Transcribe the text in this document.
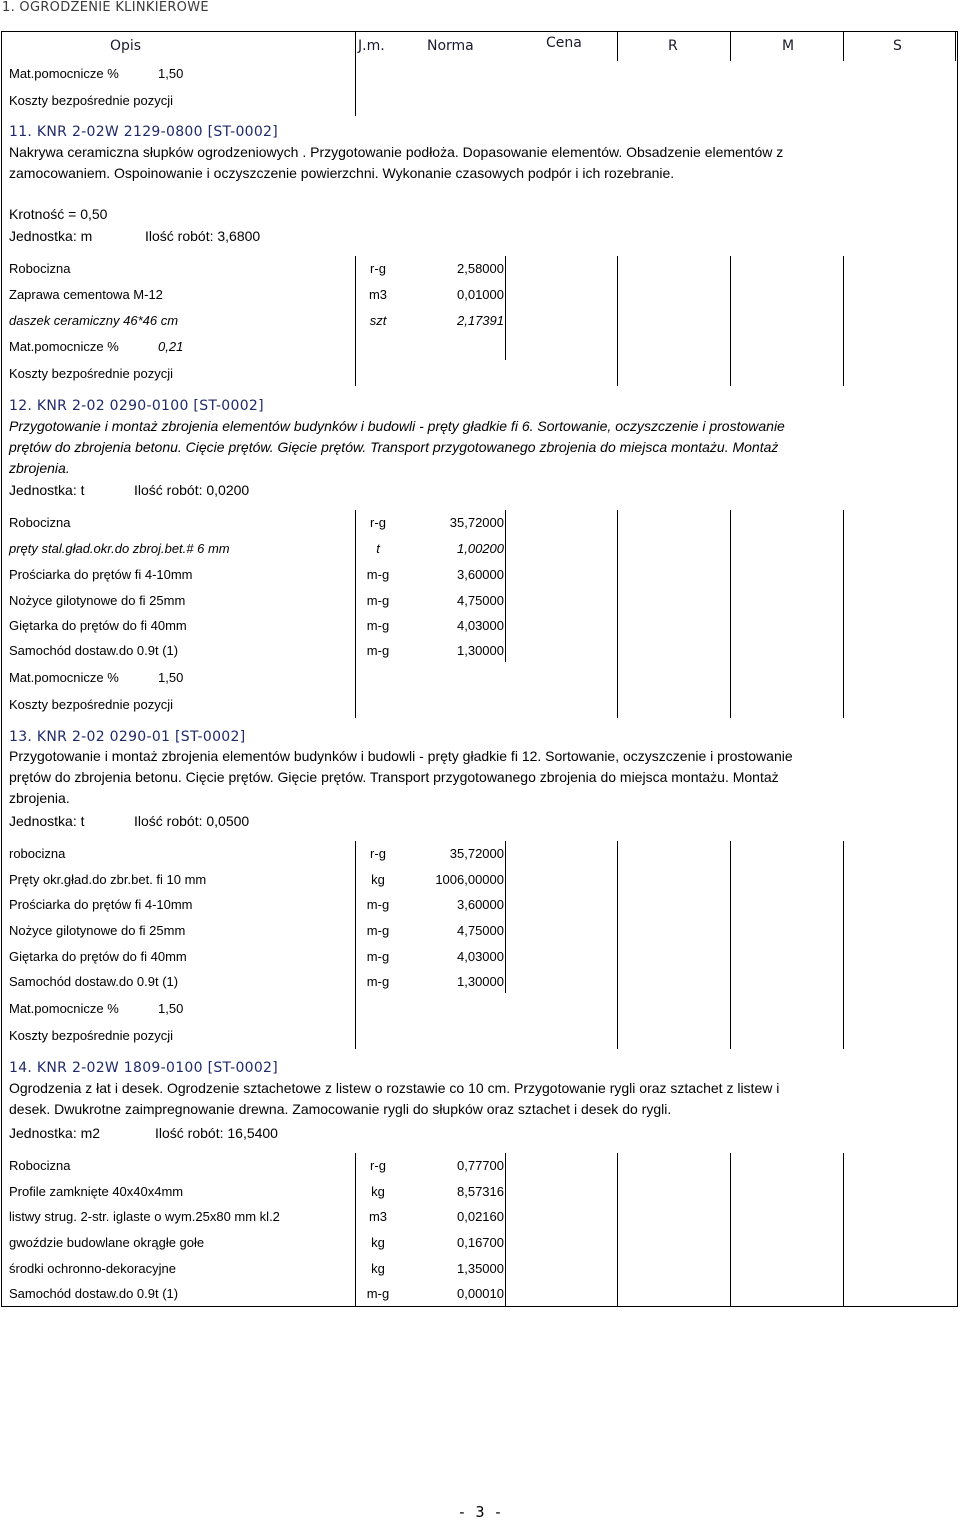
1. OGRODZENIE KLINKIEROWE
Opis	J.m.	Norma	Cena	R	M	S
Mat.pomocnicze %	1,50
Koszty bezpośrednie pozycji
11. KNR 2-02W 2129-0800 [ST-0002]
Nakrywa ceramiczna słupków ogrodzeniowych . Przygotowanie podłoża. Dopasowanie elementów. Obsadzenie elementów z zamocowaniem. Ospoinowanie i oczyszczenie powierzchni. Wykonanie czasowych podpór i ich rozebranie.
Krotność = 0,50
Jednostka: m	Ilość robót: 3,6800
Robocizna	r-g	2,58000
Zaprawa cementowa M-12	m3	0,01000
daszek ceramiczny 46*46 cm	szt	2,17391
Mat.pomocnicze %	0,21
Koszty bezpośrednie pozycji
12. KNR 2-02 0290-0100 [ST-0002]
Przygotowanie i montaż zbrojenia elementów budynków i budowli - pręty gładkie fi 6. Sortowanie, oczyszczenie i prostowanie prętów do zbrojenia betonu. Cięcie prętów. Gięcie prętów. Transport przygotowanego zbrojenia do miejsca montażu. Montaż zbrojenia.
Jednostka: t	Ilość robót: 0,0200
Robocizna	r-g	35,72000
pręty stal.gład.okr.do zbroj.bet.# 6 mm	t	1,00200
Prościarka do prętów fi 4-10mm	m-g	3,60000
Nożyce gilotynowe do fi 25mm	m-g	4,75000
Giętarka do prętów do fi 40mm	m-g	4,03000
Samochód dostaw.do 0.9t (1)	m-g	1,30000
Mat.pomocnicze %	1,50
Koszty bezpośrednie pozycji
13. KNR 2-02 0290-01 [ST-0002]
Przygotowanie i montaż zbrojenia elementów budynków i budowli - pręty gładkie fi 12. Sortowanie, oczyszczenie i prostowanie prętów do zbrojenia betonu. Cięcie prętów. Gięcie prętów. Transport przygotowanego zbrojenia do miejsca montażu. Montaż zbrojenia.
Jednostka: t	Ilość robót: 0,0500
robocizna	r-g	35,72000
Pręty okr.gład.do zbr.bet. fi 10 mm	kg	1006,00000
Prościarka do prętów fi 4-10mm	m-g	3,60000
Nożyce gilotynowe do fi 25mm	m-g	4,75000
Giętarka do prętów do fi 40mm	m-g	4,03000
Samochód dostaw.do 0.9t (1)	m-g	1,30000
Mat.pomocnicze %	1,50
Koszty bezpośrednie pozycji
14. KNR 2-02W 1809-0100 [ST-0002]
Ogrodzenia z łat i desek. Ogrodzenie sztachetowe z listew o rozstawie co 10 cm. Przygotowanie rygli oraz sztachet z listew i desek. Dwukrotne zaimpregnowanie drewna. Zamocowanie rygli do słupków oraz sztachet i desek do rygli.
Jednostka: m2	Ilość robót: 16,5400
Robocizna	r-g	0,77700
Profile zamknięte 40x40x4mm	kg	8,57316
listwy strug. 2-str. iglaste o wym.25x80 mm kl.2	m3	0,02160
gwoździe budowlane okrągłe gołe	kg	0,16700
środki ochronno-dekoracyjne	kg	1,35000
Samochód dostaw.do 0.9t (1)	m-g	0,00010
- 3 -
